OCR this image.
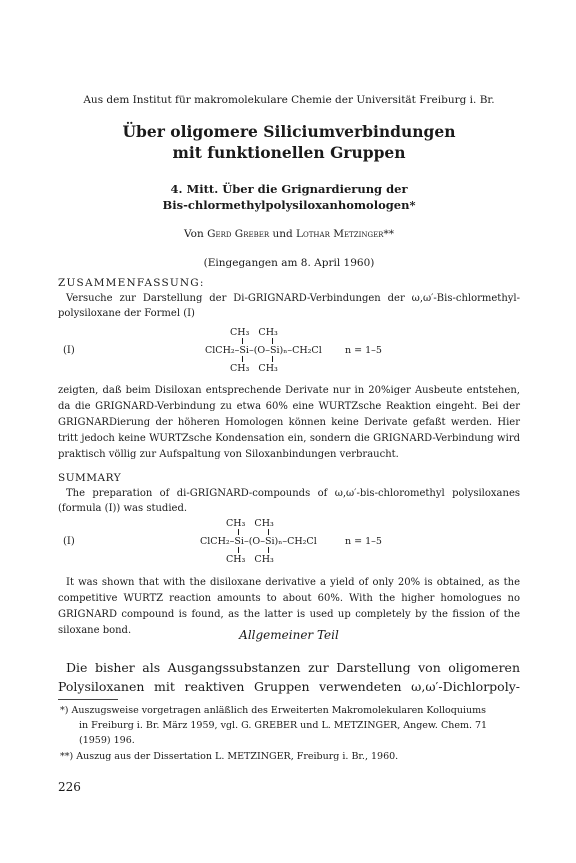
Aus dem Institut für makromolekulare Chemie der Universität Freiburg i. Br.
Über oligomere Siliciumverbindungen
mit funktionellen Gruppen
4. Mitt. Über die Grignardierung der
Bis-chlormethylpolysiloxanhomologen*
Von Gerd Greber und Lothar Metzinger**
(Eingegangen am 8. April 1960)
ZUSAMMENFASSUNG:
Versuche zur Darstellung der Di-GRIGNARD-Verbindungen der ω,ω′-Bis-chlormethyl-
polysiloxane der Formel (I)
(I)
CH₃   CH₃
ClCH₂–Si–(O–Si)ₙ–CH₂Cl
CH₃   CH₃
n = 1–5
zeigten, daß beim Disiloxan entsprechende Derivate nur in 20%iger Ausbeute entstehen,
da die GRIGNARD-Verbindung zu etwa 60% eine WURTZsche Reaktion eingeht. Bei der
GRIGNARDierung der höheren Homologen können keine Derivate gefaßt werden. Hier
tritt jedoch keine WURTZsche Kondensation ein, sondern die GRIGNARD-Verbindung wird
praktisch völlig zur Aufspaltung von Siloxanbindungen verbraucht.
SUMMARY
The preparation of di-GRIGNARD-compounds of ω,ω′-bis-chloromethyl polysiloxanes
(formula (I)) was studied.
(I)
CH₃   CH₃
ClCH₂–Si–(O–Si)ₙ–CH₂Cl
CH₃   CH₃
n = 1–5
It was shown that with the disiloxane derivative a yield of only 20% is obtained, as the
competitive WURTZ reaction amounts to about 60%. With the higher homologues no
GRIGNARD compound is found, as the latter is used up completely by the fission of the
siloxane bond.	Allgemeiner Teil
Die bisher als Ausgangssubstanzen zur Darstellung von oligomeren
Polysiloxanen mit reaktiven Gruppen verwendeten ω,ω′-Dichlorpoly-
*) Auszugsweise vorgetragen anläßlich des Erweiterten Makromolekularen Kolloquiums
in Freiburg i. Br. März 1959, vgl. G. GREBER und L. METZINGER, Angew. Chem. 71
(1959) 196.
**) Auszug aus der Dissertation L. METZINGER, Freiburg i. Br., 1960.
226
